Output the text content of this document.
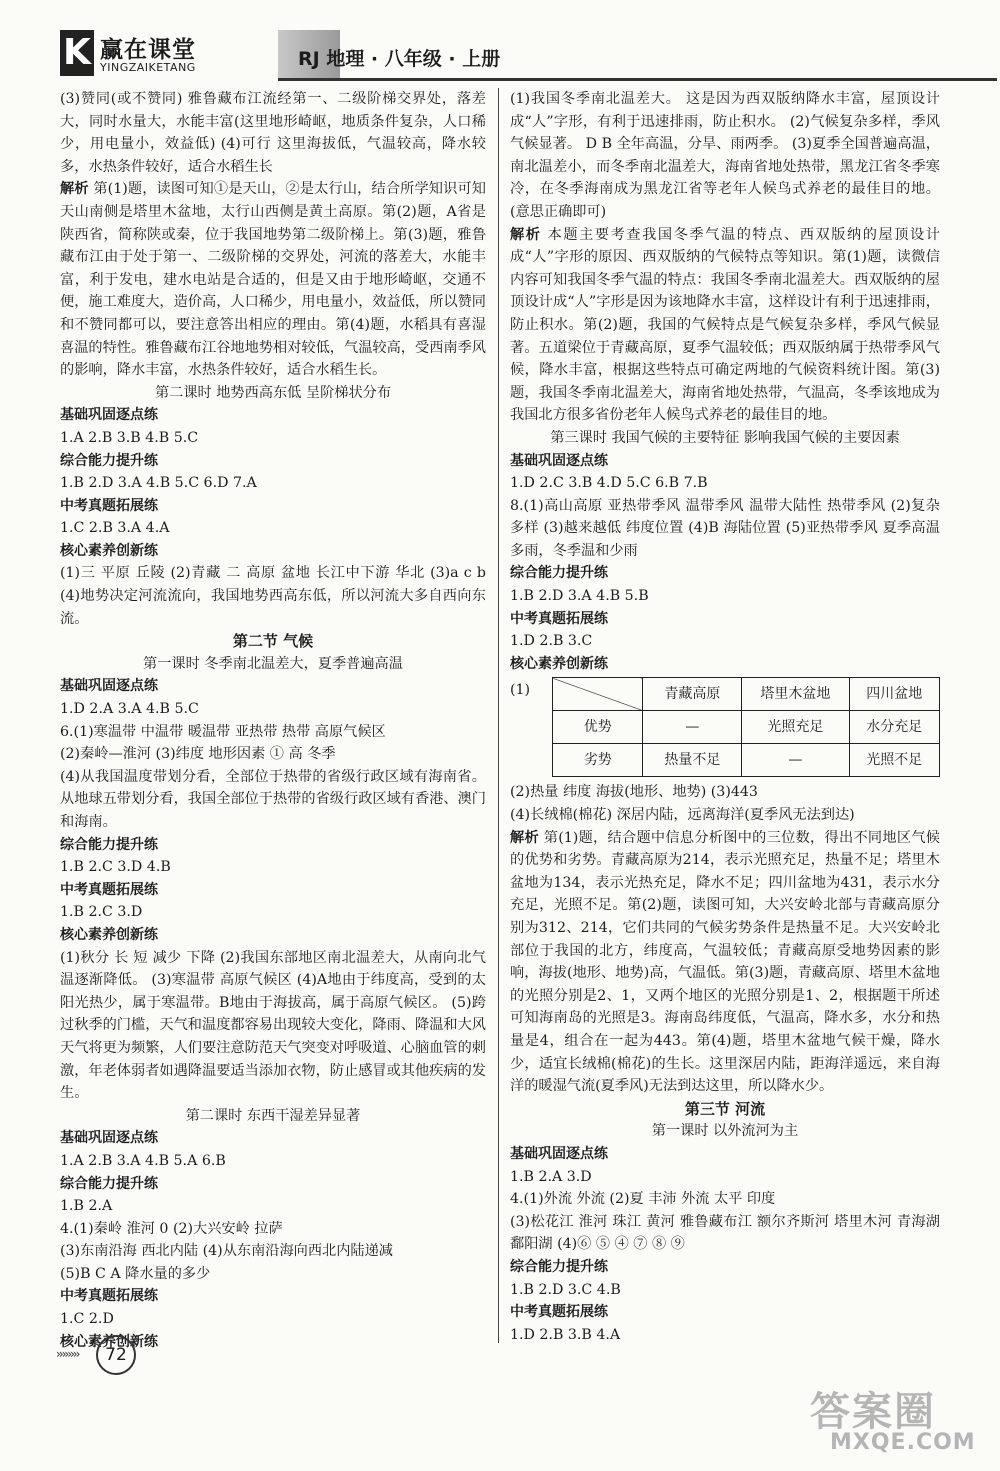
K 赢在课堂
YINGZAIKETANG	RJ 地理 · 八年级 · 上册

(3)赞同(或不赞同) 雅鲁藏布江流经第一、二级阶梯交界处，落差大，同时水量大，水能丰富(这里地形崎岖，地质条件复杂，人口稀少，用电量小，效益低) (4)可行 这里海拔低，气温较高，降水较多，水热条件较好，适合水稻生长

解析 第(1)题，读图可知①是天山，②是太行山，结合所学知识可知天山南侧是塔里木盆地，太行山西侧是黄土高原。第(2)题，A省是陕西省，简称陕或秦，位于我国地势第二级阶梯上。第(3)题，雅鲁藏布江由于处于第一、二级阶梯的交界处，河流的落差大，水能丰富，利于发电，建水电站是合适的，但是又由于地形崎岖，交通不便，施工难度大，造价高，人口稀少，用电量小，效益低，所以赞同和不赞同都可以，要注意答出相应的理由。第(4)题，水稻具有喜湿喜温的特性。雅鲁藏布江谷地地势相对较低，气温较高，受西南季风的影响，降水丰富，水热条件较好，适合水稻生长。

第二课时 地势西高东低 呈阶梯状分布

基础巩固逐点练

1.A 2.B 3.B 4.B 5.C

综合能力提升练

1.B 2.D 3.A 4.B 5.C 6.D 7.A

中考真题拓展练

1.C 2.B 3.A 4.A

核心素养创新练

(1)三 平原 丘陵 (2)青藏 二 高原 盆地 长江中下游 华北 (3)a c b (4)地势决定河流流向，我国地势西高东低，所以河流大多自西向东流。

第二节 气候

第一课时 冬季南北温差大，夏季普遍高温

基础巩固逐点练

1.D 2.A 3.A 4.B 5.C

6.(1)寒温带 中温带 暖温带 亚热带 热带 高原气候区

(2)秦岭—淮河 (3)纬度 地形因素 ① 高 冬季

(4)从我国温度带划分看，全部位于热带的省级行政区域有海南省。从地球五带划分看，我国全部位于热带的省级行政区域有香港、澳门和海南。

综合能力提升练

1.B 2.C 3.D 4.B

中考真题拓展练

1.B 2.C 3.D

核心素养创新练

(1)秋分 长 短 减少 下降 (2)我国东部地区南北温差大，从南向北气温逐渐降低。 (3)寒温带 高原气候区 (4)A地由于纬度高，受到的太阳光热少，属于寒温带。B地由于海拔高，属于高原气候区。 (5)跨过秋季的门槛，天气和温度都容易出现较大变化，降雨、降温和大风天气将更为频繁，人们要注意防范天气突变对呼吸道、心脑血管的刺激，年老体弱者如遇降温要适当添加衣物，防止感冒或其他疾病的发生。

第二课时 东西干湿差异显著

基础巩固逐点练

1.A 2.B 3.A 4.B 5.A 6.B

综合能力提升练

1.B 2.A

4.(1)秦岭 淮河 0 (2)大兴安岭 拉萨

(3)东南沿海 西北内陆 (4)从东南沿海向西北内陆递减

(5)B C A 降水量的多少

中考真题拓展练

1.C 2.D

核心素养创新练

(1)我国冬季南北温差大。 这是因为西双版纳降水丰富，屋顶设计成“人”字形，有利于迅速排雨，防止积水。 (2)气候复杂多样，季风气候显著。 D B 全年高温，分旱、雨两季。 (3)夏季全国普遍高温，南北温差小，而冬季南北温差大，海南省地处热带，黑龙江省冬季寒冷，在冬季海南成为黑龙江省等老年人候鸟式养老的最佳目的地。(意思正确即可)

解析 本题主要考查我国冬季气温的特点、西双版纳的屋顶设计成“人”字形的原因、西双版纳的气候特点等知识。第(1)题，读微信内容可知我国冬季气温的特点：我国冬季南北温差大。西双版纳的屋顶设计成“人”字形是因为该地降水丰富，这样设计有利于迅速排雨，防止积水。第(2)题，我国的气候特点是气候复杂多样，季风气候显著。五道梁位于青藏高原，夏季气温较低；西双版纳属于热带季风气候，降水丰富，根据这些特点可确定两地的气候资料统计图。第(3)题，我国冬季南北温差大，海南省地处热带，气温高，冬季该地成为我国北方很多省份老年人候鸟式养老的最佳目的地。

第三课时 我国气候的主要特征 影响我国气候的主要因素

基础巩固逐点练

1.D 2.C 3.B 4.D 5.C 6.B 7.B

8.(1)高山高原 亚热带季风 温带季风 温带大陆性 热带季风 (2)复杂多样 (3)越来越低 纬度位置 (4)B 海陆位置 (5)亚热带季风 夏季高温多雨，冬季温和少雨

综合能力提升练

1.B 2.D 3.A 4.B 5.B

中考真题拓展练

1.D 2.B 3.C

核心素养创新练

(1)
		青藏高原	塔里木盆地	四川盆地
优势	—	光照充足	水分充足
劣势	热量不足	—	光照不足

(2)热量 纬度 海拔(地形、地势) (3)443

(4)长绒棉(棉花) 深居内陆，远离海洋(夏季风无法到达)

解析 第(1)题，结合题中信息分析图中的三位数，得出不同地区气候的优势和劣势。青藏高原为214，表示光照充足，热量不足；塔里木盆地为134，表示光热充足，降水不足；四川盆地为431，表示水分充足，光照不足。第(2)题，读图可知，大兴安岭北部与青藏高原分别为312、214，它们共同的气候劣势条件是热量不足。大兴安岭北部位于我国的北方，纬度高，气温较低；青藏高原受地势因素的影响，海拔(地形、地势)高，气温低。第(3)题，青藏高原、塔里木盆地的光照分别是2、1，又两个地区的光照分别是1、2，根据题干所述可知海南岛的光照是3。海南岛纬度低，气温高，降水多，水分和热量是4，组合在一起为443。第(4)题，塔里木盆地气候干燥，降水少，适宜长绒棉(棉花)的生长。这里深居内陆，距海洋遥远，来自海洋的暖湿气流(夏季风)无法到达这里，所以降水少。

第三节 河流

第一课时 以外流河为主

基础巩固逐点练

1.B 2.A 3.D

4.(1)外流 外流 (2)夏 丰沛 外流 太平 印度

(3)松花江 淮河 珠江 黄河 雅鲁藏布江 额尔齐斯河 塔里木河 青海湖 鄱阳湖 (4)⑥ ⑤ ④ ⑦ ⑧ ⑨

综合能力提升练

1.B 2.D 3.C 4.B

中考真题拓展练

1.D 2.B 3.B 4.A

››››››››	72
答案圈
MXQE.COM
